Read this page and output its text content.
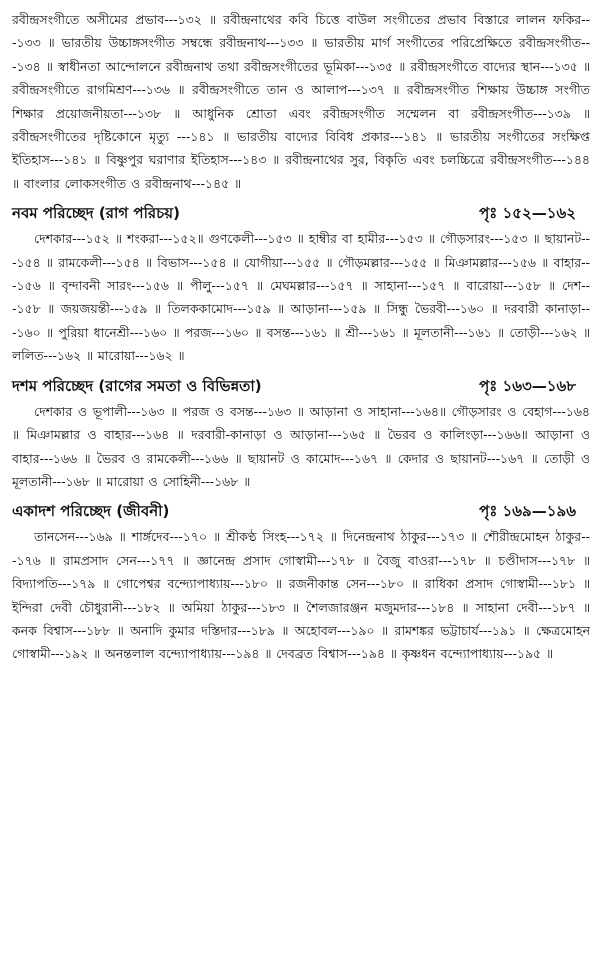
রবীন্দ্রসংগীতে অসীমের প্রভাব---১৩২ ॥ রবীন্দ্রনাথের কবি চিত্তে বাউল সংগীতের প্রভাব বিস্তারে লালন ফকির---১৩৩ ॥ ভারতীয় উচ্চাঙ্গসংগীত সম্বন্ধে রবীন্দ্রনাথ---১৩৩ ॥ ভারতীয় মার্গ সংগীতের পরিপ্রেক্ষিতে রবীন্দ্রসংগীত---১৩৪ ॥ স্বাধীনতা আন্দোলনে রবীন্দ্রনাথ তথা রবীন্দ্রসংগীতের ভূমিকা---১৩৫ ॥ রবীন্দ্রসংগীতে বাদ্যের স্থান---১৩৫ ॥ রবীন্দ্রসংগীতে রাগমিশ্রণ---১৩৬ ॥ রবীন্দ্রসংগীতে তান ও আলাপ---১৩৭ ॥ রবীন্দ্রসংগীত শিক্ষায় উচ্চাঙ্গ সংগীত শিক্ষার প্রয়োজনীয়তা---১৩৮ ॥ আধুনিক শ্রোতা এবং রবীন্দ্রসংগীত সম্মেলন বা রবীন্দ্রসংগীত---১৩৯ ॥ রবীন্দ্রসংগীতের দৃষ্টিকোনে মৃত্যু ---১৪১ ॥ ভারতীয় বাদ্যের বিবিধ প্রকার---১৪১ ॥ ভারতীয় সংগীতের সংক্ষিপ্ত ইতিহাস---১৪১ ॥ বিষ্ণুপুর ঘরাণার ইতিহাস---১৪৩ ॥ রবীন্দ্রনাথের সুর, বিকৃতি এবং চলচ্চিত্রে রবীন্দ্রসংগীত---১৪৪ ॥ বাংলার লোকসংগীত ও রবীন্দ্রনাথ---১৪৫ ॥
নবম পরিচ্ছেদ (রাগ পরিচয়)	পৃঃ ১৫২—১৬২
দেশকার---১৫২ ॥ শংকরা---১৫২॥ গুণকেলী---১৫৩ ॥ হাম্বীর বা হামীর---১৫৩ ॥ গৌড়সারং---১৫৩ ॥ ছায়ানট---১৫৪ ॥ রামকেলী---১৫৪ ॥ বিভাস---১৫৪ ॥ যোগীয়া---১৫৫ ॥ গৌড়মল্লার---১৫৫ ॥ মিঞামল্লার---১৫৬ ॥ বাহার---১৫৬ ॥ বৃন্দাবনী সারং---১৫৬ ॥ পীলু---১৫৭ ॥ মেঘমল্লার---১৫৭ ॥ সাহানা---১৫৭ ॥ বারোয়া---১৫৮ ॥ দেশ---১৫৮ ॥ জয়জয়ন্তী---১৫৯ ॥ তিলককামোদ---১৫৯ ॥ আড়ানা---১৫৯ ॥ সিন্ধু ভৈরবী---১৬০ ॥ দরবারী কানাড়া---১৬০ ॥ পুরিয়া ধানেশ্রী---১৬০ ॥ পরজ---১৬০ ॥ বসন্ত---১৬১ ॥ শ্রী---১৬১ ॥ মূলতানী---১৬১ ॥ তোড়ী---১৬২ ॥ ললিত---১৬২ ॥ মারোয়া---১৬২ ॥
দশম পরিচ্ছেদ (রাগের সমতা ও বিভিন্নতা)	পৃঃ ১৬৩—১৬৮
দেশকার ও ভূপালী---১৬৩ ॥ পরজ ও বসন্ত---১৬৩ ॥ আড়ানা ও সাহানা---১৬৪॥ গৌড়সারং ও বেহাগ---১৬৪ ॥ মিঞামল্লার ও বাহার---১৬৪ ॥ দরবারী-কানাড়া ও আড়ানা---১৬৫ ॥ ভৈরব ও কালিংড়া---১৬৬॥ আড়ানা ও বাহার---১৬৬ ॥ ভৈরব ও রামকেলী---১৬৬ ॥ ছায়ানট ও কামোদ---১৬৭ ॥ কেদার ও ছায়ানট---১৬৭ ॥ তোড়ী ও মূলতানী---১৬৮ ॥ মারোয়া ও সোহিনী---১৬৮ ॥
একাদশ পরিচ্ছেদ (জীবনী)	পৃঃ ১৬৯—১৯৬
তানসেন---১৬৯ ॥ শার্ঙ্গদেব---১৭০ ॥ শ্রীকণ্ঠ সিংহ---১৭২ ॥ দিনেন্দ্রনাথ ঠাকুর---১৭৩ ॥ শৌরীন্দ্রমোহন ঠাকুর---১৭৬ ॥ রামপ্রসাদ সেন---১৭৭ ॥ জ্ঞানেন্দ্র প্রসাদ গোস্বামী---১৭৮ ॥ বৈজু বাওরা---১৭৮ ॥ চণ্ডীদাস---১৭৮ ॥ বিদ্যাপতি---১৭৯ ॥ গোপেশ্বর বন্দ্যোপাধ্যায়---১৮০ ॥ রজনীকান্ত সেন---১৮০ ॥ রাধিকা প্রসাদ গোস্বামী---১৮১ ॥ ইন্দিরা দেবী চৌধুরানী---১৮২ ॥ অমিয়া ঠাকুর---১৮৩ ॥ শৈলজারঞ্জন মজুমদার---১৮৪ ॥ সাহানা দেবী---১৮৭ ॥ কনক বিশ্বাস---১৮৮ ॥ অনাদি কুমার দস্তিদার---১৮৯ ॥ অহোবল---১৯০ ॥ রামশঙ্কর ভট্টাচার্য---১৯১ ॥ ক্ষেত্রমোহন গোস্বামী---১৯২ ॥ অনন্তলাল বন্দ্যোপাধ্যায়---১৯৪ ॥ দেবব্রত বিশ্বাস---১৯৪ ॥ কৃষ্ণধন বন্দ্যোপাধ্যায়---১৯৫ ॥
